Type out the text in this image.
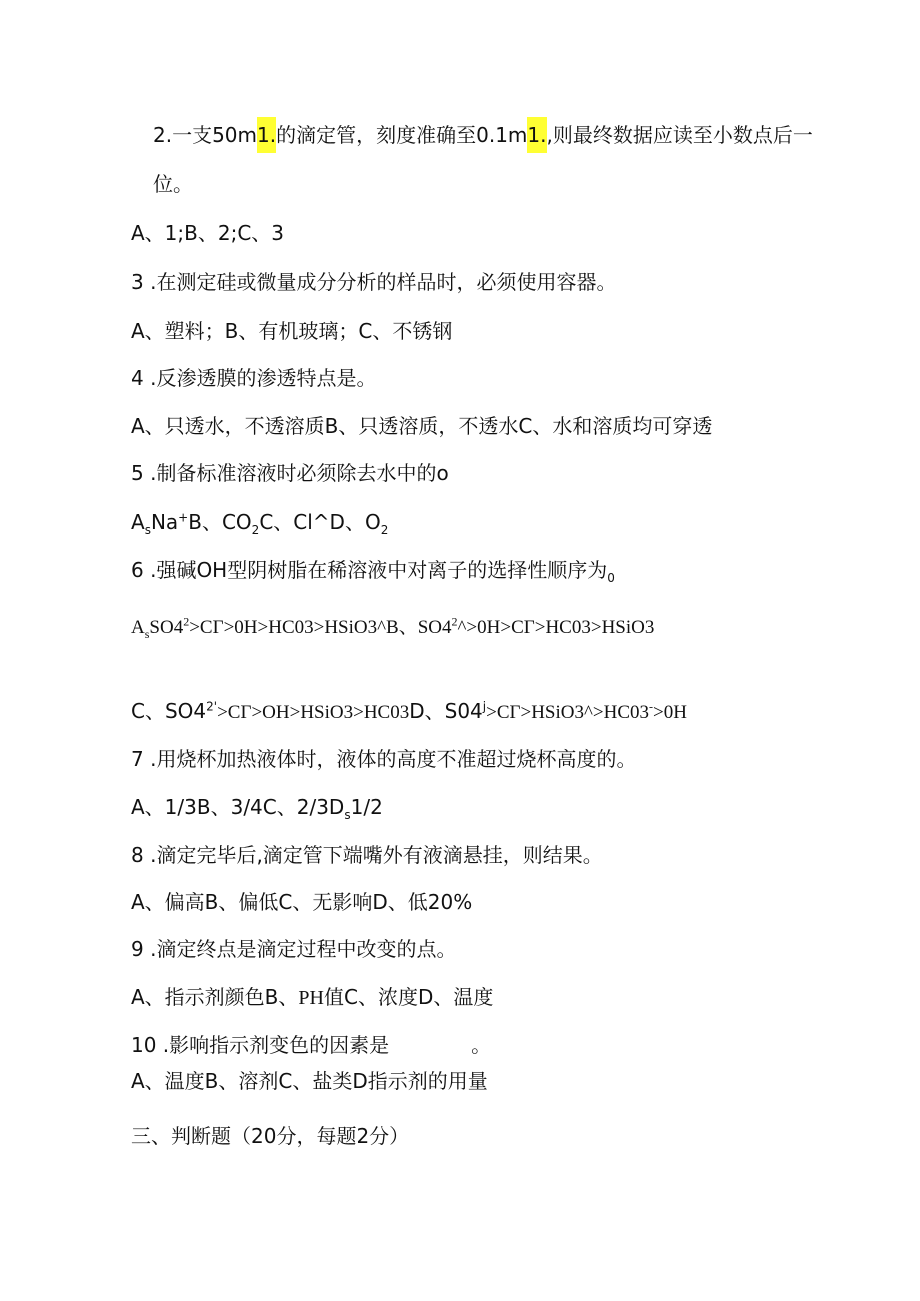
2.一支50m1.的滴定管，刻度准确至0.1m1.,则最终数据应读至小数点后一
位。
A、1;B、2;C、3
3 .在测定硅或微量成分分析的样品时，必须使用容器。
A、塑料；B、有机玻璃；C、不锈钢
4 .反渗透膜的渗透特点是。
A、只透水，不透溶质B、只透溶质，不透水C、水和溶质均可穿透
5 .制备标准溶液时必须除去水中的o
$A_sNa^+B$、$CO_2C$、Cl^D、$O_2$
6 .强碱OH型阴树脂在稀溶液中对离子的选择性顺序为$_0$
$A_sSO4^2>C\Gamma>0H>HC03>HSiO3\^{}B$、$SO4^2\^{}>0H>C\Gamma>HC03>HSiO3$
C、$SO4^{2'}>C\Gamma>OH>HSiO3>HC03D$、$S04^j>C\Gamma>HSiO3\^{}>HC03^->0H$
7 .用烧杯加热液体时，液体的高度不准超过烧杯高度的。
A、1/3B、3/4C、$2/3D_s1/2$
8 .滴定完毕后,滴定管下端嘴外有液滴悬挂，则结果。
A、偏高B、偏低C、无影响D、低20%
9 .滴定终点是滴定过程中改变的点。
A、指示剂颜色B、PH值C、浓度D、温度
10 .影响指示剂变色的因素是	。
A、温度B、溶剂C、盐类D指示剂的用量
三、判断题（20分，每题2分）
